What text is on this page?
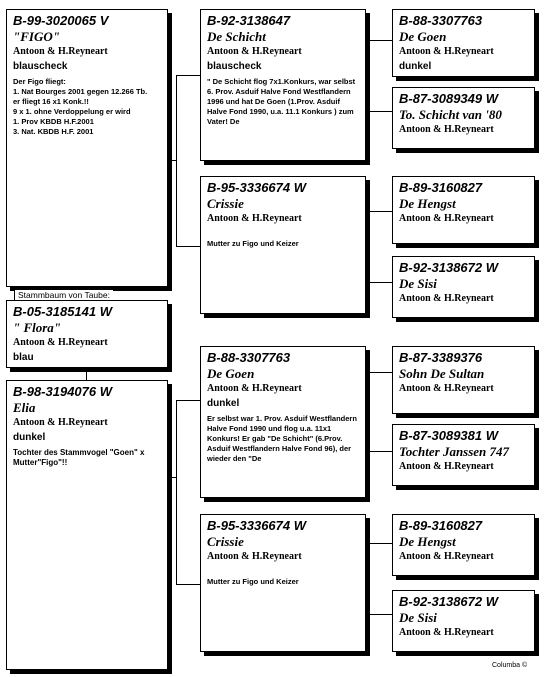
B-99-3020065 V
"FIGO"
Antoon & H.Reyneart
blauscheck
Der Figo fliegt:
1. Nat Bourges 2001 gegen 12.266 Tb.
er fliegt 16 x1 Konk.!!
9 x 1. ohne Verdoppelung er wird
1. Prov KBDB H.F.2001
3. Nat. KBDB H.F. 2001
Stammbaum von Taube:
B-05-3185141 W
" Flora"
Antoon & H.Reyneart
blau
B-98-3194076 W
Elia
Antoon & H.Reyneart
dunkel
Tochter des Stammvogel "Goen" x Mutter"Figo"!!
B-92-3138647
De Schicht
Antoon & H.Reyneart
blauscheck
" De Schicht flog 7x1.Konkurs, war selbst 6. Prov. Asduif Halve Fond Westflandern 1996 und hat De Goen (1.Prov. Asduif Halve Fond 1990, u.a. 11.1 Konkurs ) zum Vater! De
B-95-3336674 W
Crissie
Antoon & H.Reyneart
Mutter zu Figo und Keizer
B-88-3307763
De Goen
Antoon & H.Reyneart
dunkel
Er selbst war 1. Prov. Asduif Westflandern Halve Fond 1990 und flog u.a. 11x1 Konkurs! Er gab "De Schicht" (6.Prov. Asduif Westflandern Halve Fond 96), der wieder den "De
B-95-3336674 W
Crissie
Antoon & H.Reyneart
Mutter zu Figo und Keizer
B-88-3307763
De Goen
Antoon & H.Reyneart
dunkel
B-87-3089349 W
To. Schicht van '80
Antoon & H.Reyneart
B-89-3160827
De Hengst
Antoon & H.Reyneart
B-92-3138672 W
De Sisi
Antoon & H.Reyneart
B-87-3389376
Sohn De Sultan
Antoon & H.Reyneart
B-87-3089381 W
Tochter Janssen 747
Antoon & H.Reyneart
B-89-3160827
De Hengst
Antoon & H.Reyneart
B-92-3138672 W
De Sisi
Antoon & H.Reyneart
Columba ©
